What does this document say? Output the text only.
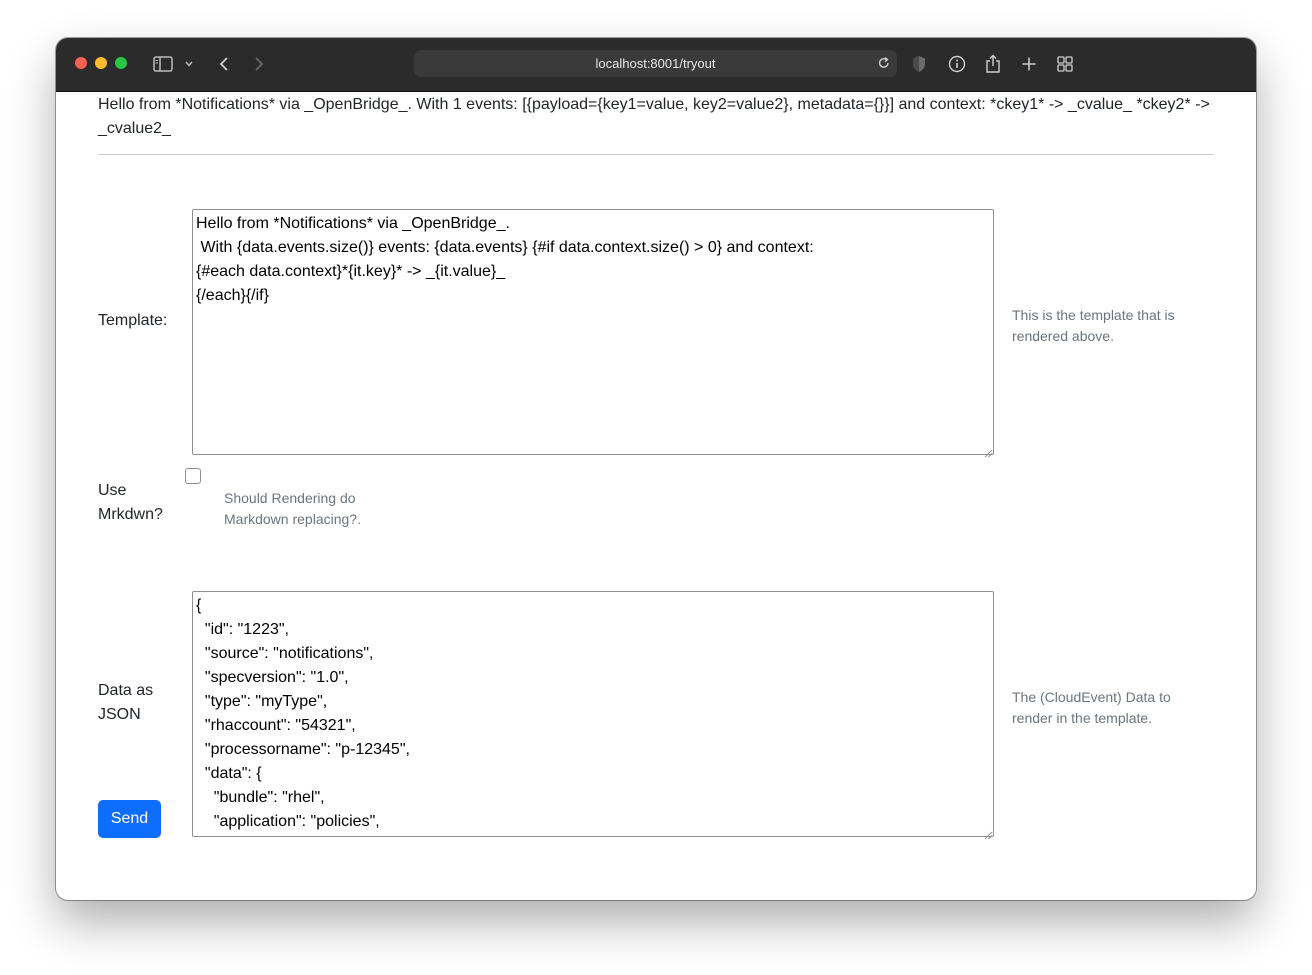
localhost:8001/tryout
Hello from *Notifications* via _OpenBridge_. With 1 events: [{payload={key1=value, key2=value2}, metadata={}}] and context: *ckey1* -> _cvalue_ *ckey2* -> _cvalue2_
Template:
Hello from *Notifications* via _OpenBridge_.
With {data.events.size()} events: {data.events} {#if data.context.size() > 0} and context:
{#each data.context}*{it.key}* -> _{it.value}_
{/each}{/if}
This is the template that is rendered above.
Use Mrkdwn?
Should Rendering do Markdown replacing?.
Data as JSON
{
"id": "1223",
"source": "notifications",
"specversion": "1.0",
"type": "myType",
"rhaccount": "54321",
"processorname": "p-12345",
"data": {
"bundle": "rhel",
"application": "policies",
The (CloudEvent) Data to render in the template.
Send
